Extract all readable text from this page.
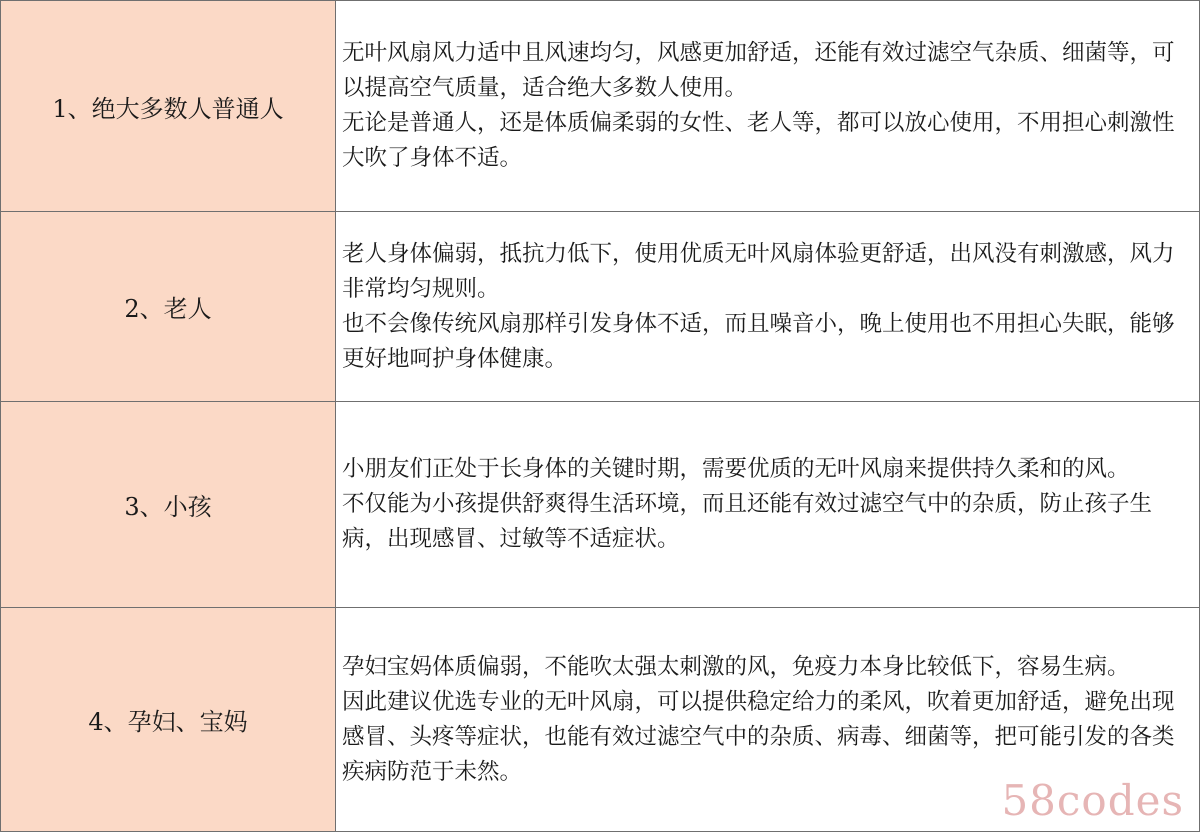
1、绝大多数人普通人	无叶风扇风力适中且风速均匀，风感更加舒适，还能有效过滤空气杂质、细菌等，可以提高空气质量，适合绝大多数人使用。
无论是普通人，还是体质偏柔弱的女性、老人等，都可以放心使用，不用担心刺激性大吹了身体不适。

2、老人	老人身体偏弱，抵抗力低下，使用优质无叶风扇体验更舒适，出风没有刺激感，风力非常均匀规则。
也不会像传统风扇那样引发身体不适，而且噪音小，晚上使用也不用担心失眠，能够更好地呵护身体健康。

3、小孩	小朋友们正处于长身体的关键时期，需要优质的无叶风扇来提供持久柔和的风。
不仅能为小孩提供舒爽得生活环境，而且还能有效过滤空气中的杂质，防止孩子生病，出现感冒、过敏等不适症状。

4、孕妇、宝妈	孕妇宝妈体质偏弱，不能吹太强太刺激的风，免疫力本身比较低下，容易生病。
因此建议优选专业的无叶风扇，可以提供稳定给力的柔风，吹着更加舒适，避免出现感冒、头疼等症状，也能有效过滤空气中的杂质、病毒、细菌等，把可能引发的各类疾病防范于未然。
58codes
